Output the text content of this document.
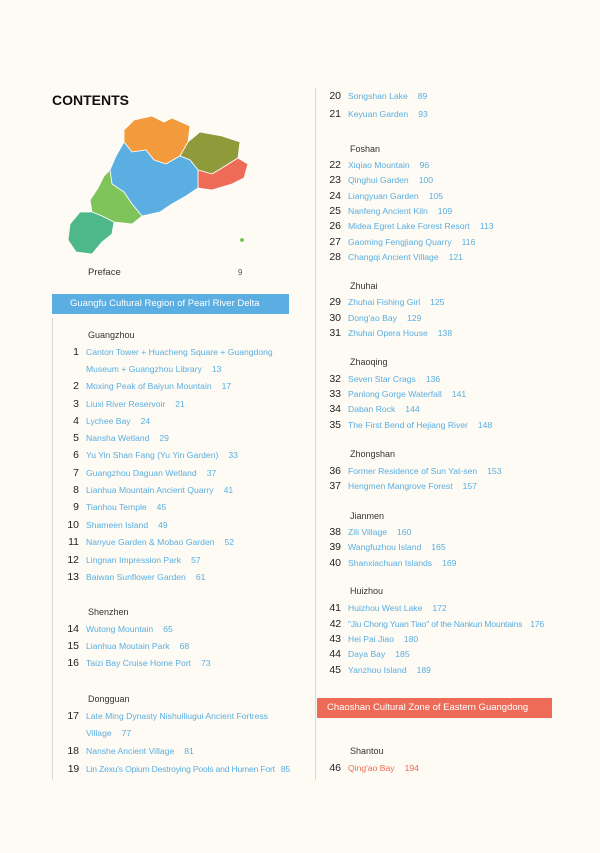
CONTENTS
Preface	9
Guangfu Cultural Region of Pearl River Delta
Guangzhou
1 Canton Tower + Huacheng Square + Guangdong
Museum + Guangzhou Library 13
2 Moxing Peak of Baiyun Mountain 17
3 Liuxi River Reservoir 21
4 Lychee Bay 24
5 Nansha Wetland 29
6 Yu Yin Shan Fang (Yu Yin Garden) 33
7 Guangzhou Daguan Wetland 37
8 Lianhua Mountain Ancient Quarry 41
9 Tianhou Temple 45
10 Shameen Island 49
11 Nanyue Garden & Mobao Garden 52
12 Lingnan Impression Park 57
13 Baiwan Sunflower Garden 61
Shenzhen
14 Wutong Mountain 65
15 Lianhua Moutain Park 68
16 Taizi Bay Cruise Home Port 73
Dongguan
17 Late Ming Dynasty Nishuiliugui Ancient Fortress
Village 77
18 Nanshe Ancient Village 81
19 Lin Zexu's Opium Destroying Pools and Humen Fort 85
20 Songshan Lake 89
21 Keyuan Garden 93
Foshan
22 Xiqiao Mountain 96
23 Qinghui Garden 100
24 Liangyuan Garden 105
25 Nanfeng Ancient Kiln 109
26 Midea Egret Lake Forest Resort 113
27 Gaoming Fengjiang Quarry 116
28 Changqi Ancient Village 121
Zhuhai
29 Zhuhai Fishing Girl 125
30 Dong'ao Bay 129
31 Zhuhai Opera House 138
Zhaoqing
32 Seven Star Crags 136
33 Panlong Gorge Waterfall 141
34 Daban Rock 144
35 The First Bend of Hejiang River 148
Zhongshan
36 Former Residence of Sun Yat-sen 153
37 Hengmen Mangrove Forest 157
Jianmen
38 Zili Village 160
39 Wangfuzhou Island 165
40 Shanxiachuan Islands 169
Huizhou
41 Huizhou West Lake 172
42 "Jiu Chong Yuan Tiao" of the Nankun Mountains 176
43 Hei Pai Jiao 180
44 Daya Bay 185
45 Yanzhou Island 189
Chaoshan Cultural Zone of Eastern Guangdong
Shantou
46 Qing'ao Bay 194
